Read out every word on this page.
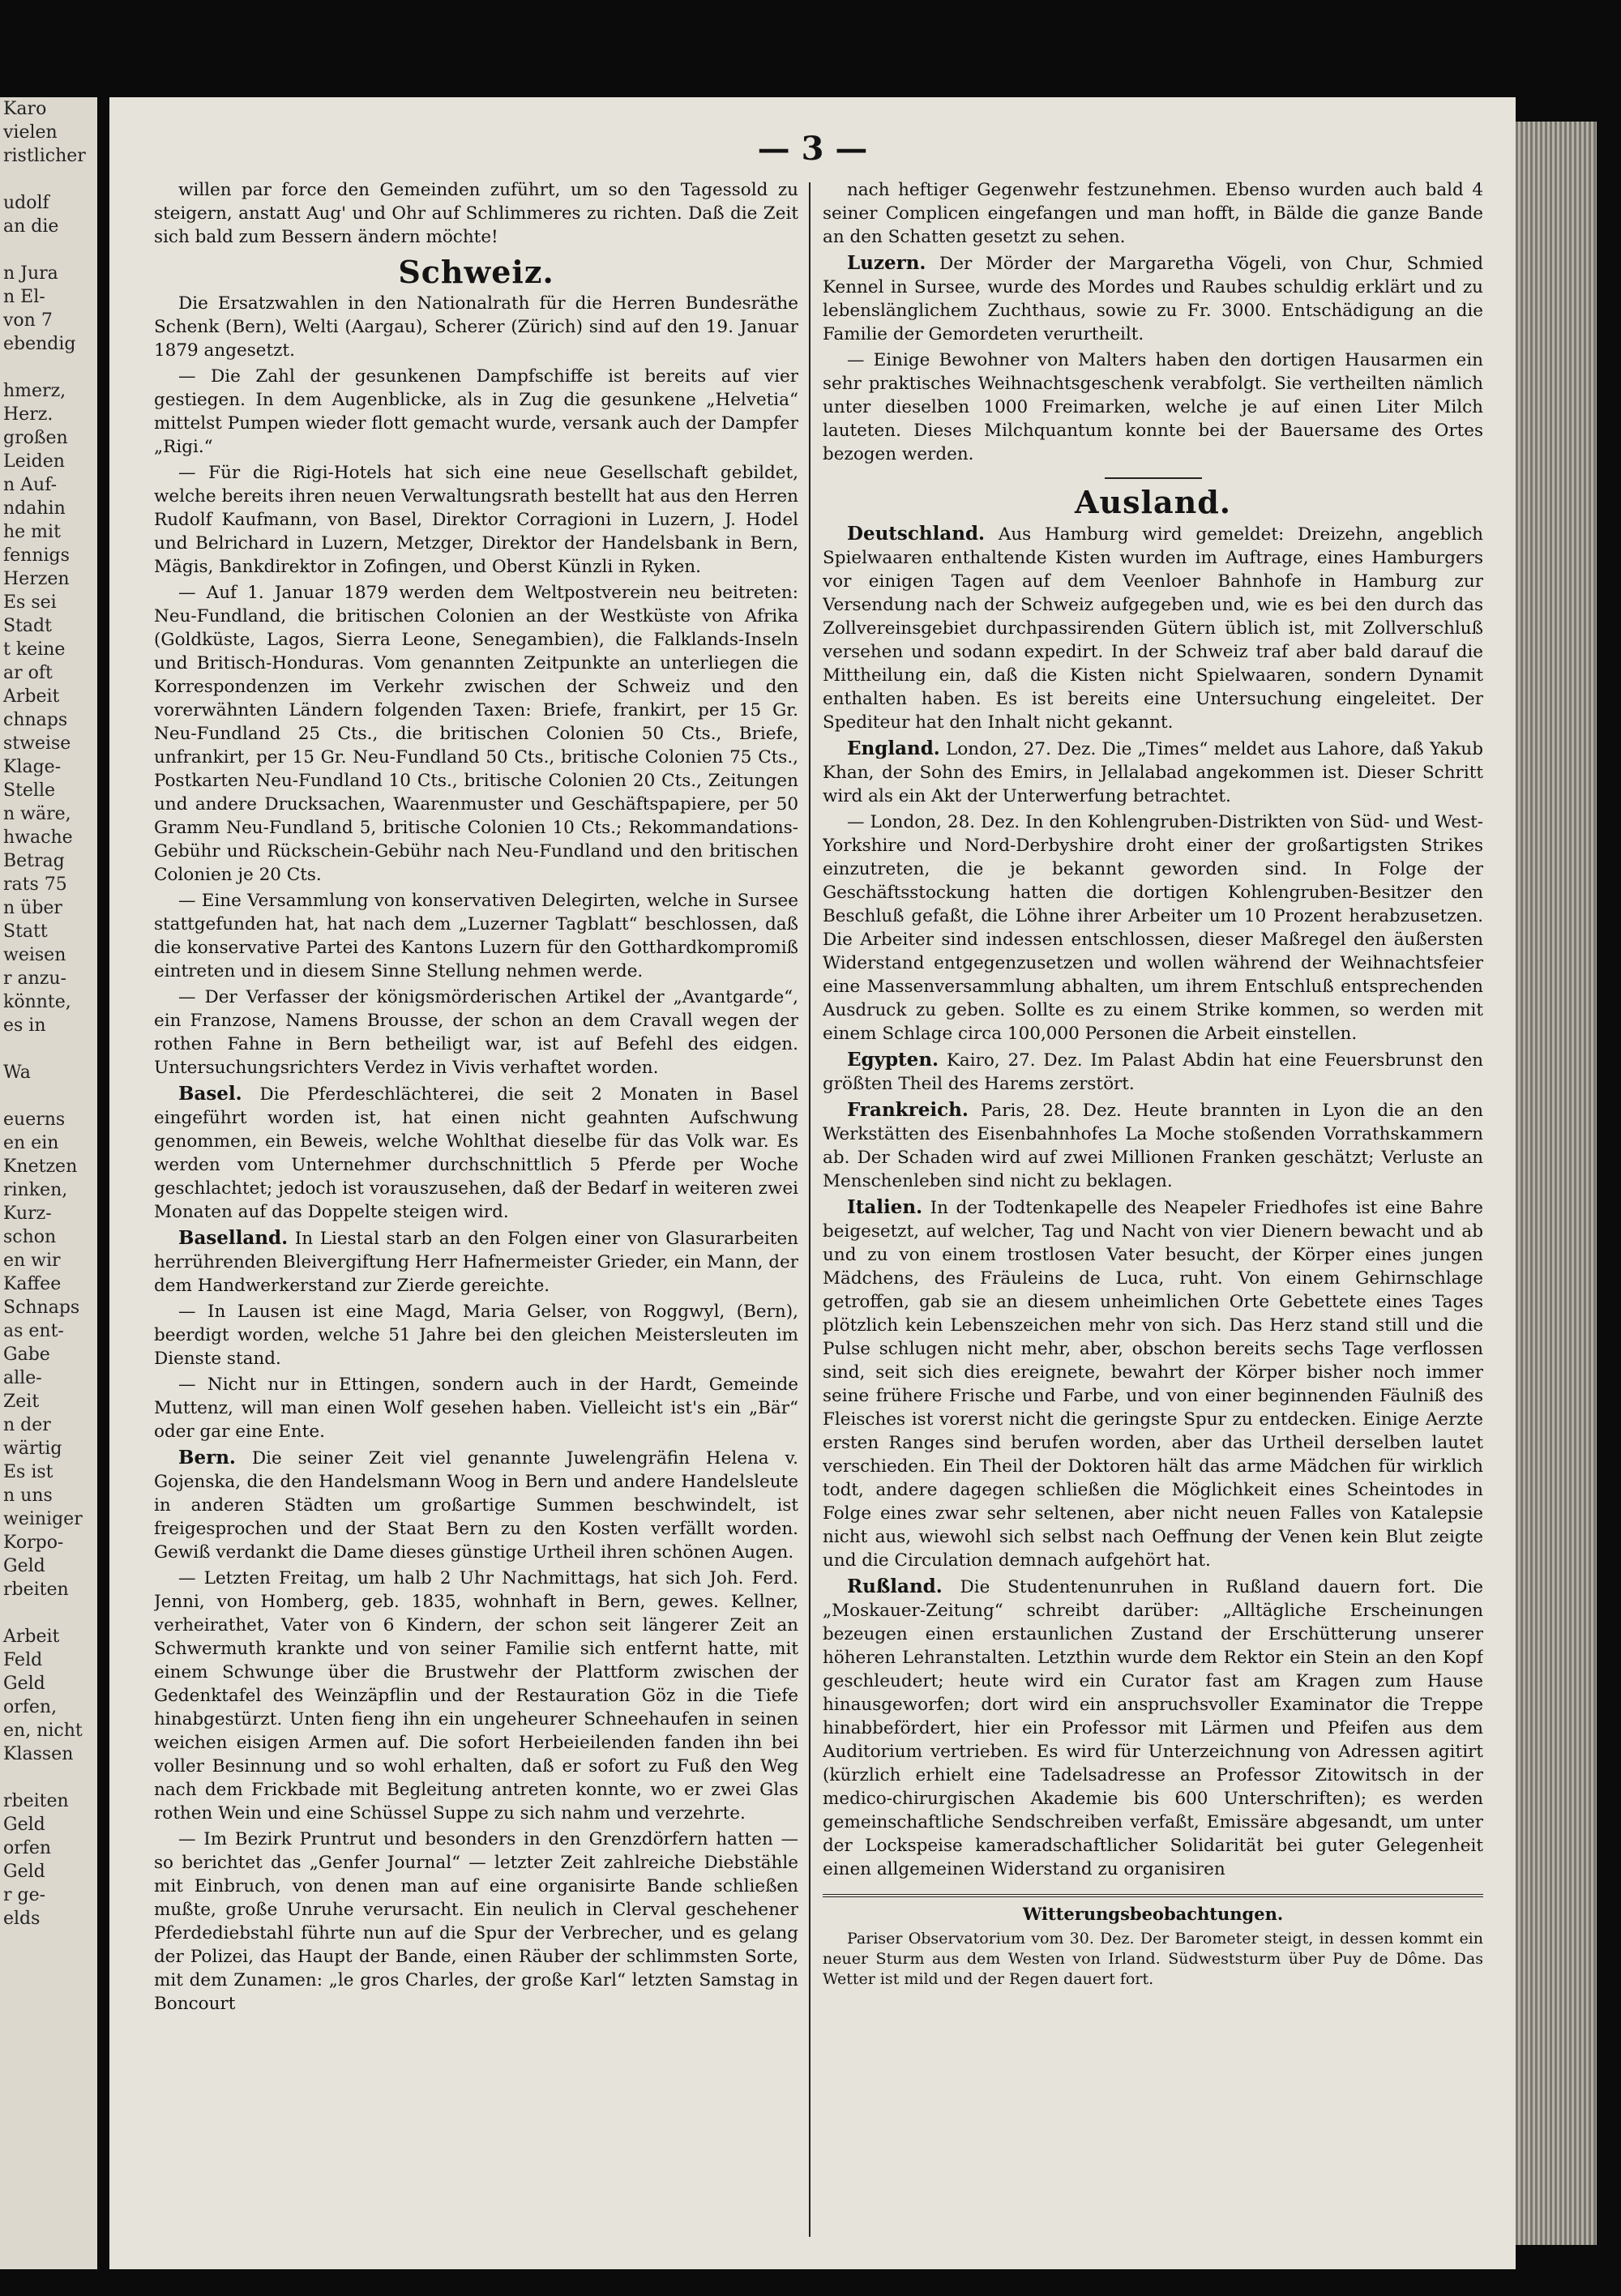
Karo
vielen
ristlicher

udolf
an die

n Jura
n El-
von 7
ebendig

hmerz,
Herz.
großen
Leiden
n Auf-
ndahin
he mit
fennigs
Herzen
Es sei
Stadt
t keine
ar oft
Arbeit
chnaps
stweise
Klage-
Stelle
n wäre,
hwache
Betrag
rats 75
n über
Statt
weisen
r anzu-
könnte,
es in

Wa

euerns
en ein
Knetzen
rinken,
Kurz-
schon
en wir
Kaffee
Schnaps
as ent-
Gabe
alle-
Zeit
n der
wärtig
Es ist
n uns
weiniger
Korpo-
Geld
rbeiten

Arbeit
Feld
Geld
orfen,
en, nicht
Klassen

rbeiten
Geld
orfen
Geld
r ge-
elds
— 3 —

willen par force den Gemeinden zuführt, um so den Tagessold zu steigern, anstatt Aug' und Ohr auf Schlimmeres zu richten. Daß die Zeit sich bald zum Bessern ändern möchte!

Schweiz.

Die Ersatzwahlen in den Nationalrath für die Herren Bundesräthe Schenk (Bern), Welti (Aargau), Scherer (Zürich) sind auf den 19. Januar 1879 angesetzt.

— Die Zahl der gesunkenen Dampfschiffe ist bereits auf vier gestiegen. In dem Augenblicke, als in Zug die gesunkene „Helvetia“ mittelst Pumpen wieder flott gemacht wurde, versank auch der Dampfer „Rigi.“

— Für die Rigi-Hotels hat sich eine neue Gesellschaft gebildet, welche bereits ihren neuen Verwaltungsrath bestellt hat aus den Herren Rudolf Kaufmann, von Basel, Direktor Corragioni in Luzern, J. Hodel und Belrichard in Luzern, Metzger, Direktor der Handelsbank in Bern, Mägis, Bankdirektor in Zofingen, und Oberst Künzli in Ryken.

— Auf 1. Januar 1879 werden dem Weltpostverein neu beitreten: Neu-Fundland, die britischen Colonien an der Westküste von Afrika (Goldküste, Lagos, Sierra Leone, Senegambien), die Falklands-Inseln und Britisch-Honduras. Vom genannten Zeitpunkte an unterliegen die Korrespondenzen im Verkehr zwischen der Schweiz und den vorerwähnten Ländern folgenden Taxen: Briefe, frankirt, per 15 Gr. Neu-Fundland 25 Cts., die britischen Colonien 50 Cts., Briefe, unfrankirt, per 15 Gr. Neu-Fundland 50 Cts., britische Colonien 75 Cts., Postkarten Neu-Fundland 10 Cts., britische Colonien 20 Cts., Zeitungen und andere Drucksachen, Waarenmuster und Geschäftspapiere, per 50 Gramm Neu-Fundland 5, britische Colonien 10 Cts.; Rekommandations-Gebühr und Rückschein-Gebühr nach Neu-Fundland und den britischen Colonien je 20 Cts.

— Eine Versammlung von konservativen Delegirten, welche in Sursee stattgefunden hat, hat nach dem „Luzerner Tagblatt“ beschlossen, daß die konservative Partei des Kantons Luzern für den Gotthardkompromiß eintreten und in diesem Sinne Stellung nehmen werde.

— Der Verfasser der königsmörderischen Artikel der „Avantgarde“, ein Franzose, Namens Brousse, der schon an dem Cravall wegen der rothen Fahne in Bern betheiligt war, ist auf Befehl des eidgen. Untersuchungsrichters Verdez in Vivis verhaftet worden.

Basel. Die Pferdeschlächterei, die seit 2 Monaten in Basel eingeführt worden ist, hat einen nicht geahnten Aufschwung genommen, ein Beweis, welche Wohlthat dieselbe für das Volk war. Es werden vom Unternehmer durchschnittlich 5 Pferde per Woche geschlachtet; jedoch ist vorauszusehen, daß der Bedarf in weiteren zwei Monaten auf das Doppelte steigen wird.

Baselland. In Liestal starb an den Folgen einer von Glasurarbeiten herrührenden Bleivergiftung Herr Hafnermeister Grieder, ein Mann, der dem Handwerkerstand zur Zierde gereichte.

— In Lausen ist eine Magd, Maria Gelser, von Roggwyl, (Bern), beerdigt worden, welche 51 Jahre bei den gleichen Meistersleuten im Dienste stand.

— Nicht nur in Ettingen, sondern auch in der Hardt, Gemeinde Muttenz, will man einen Wolf gesehen haben. Vielleicht ist's ein „Bär“ oder gar eine Ente.

Bern. Die seiner Zeit viel genannte Juwelengräfin Helena v. Gojenska, die den Handelsmann Woog in Bern und andere Handelsleute in anderen Städten um großartige Summen beschwindelt, ist freigesprochen und der Staat Bern zu den Kosten verfällt worden. Gewiß verdankt die Dame dieses günstige Urtheil ihren schönen Augen.

— Letzten Freitag, um halb 2 Uhr Nachmittags, hat sich Joh. Ferd. Jenni, von Homberg, geb. 1835, wohnhaft in Bern, gewes. Kellner, verheirathet, Vater von 6 Kindern, der schon seit längerer Zeit an Schwermuth krankte und von seiner Familie sich entfernt hatte, mit einem Schwunge über die Brustwehr der Plattform zwischen der Gedenktafel des Weinzäpflin und der Restauration Göz in die Tiefe hinabgestürzt. Unten fieng ihn ein ungeheurer Schneehaufen in seinen weichen eisigen Armen auf. Die sofort Herbeieilenden fanden ihn bei voller Besinnung und so wohl erhalten, daß er sofort zu Fuß den Weg nach dem Frickbade mit Begleitung antreten konnte, wo er zwei Glas rothen Wein und eine Schüssel Suppe zu sich nahm und verzehrte.

— Im Bezirk Pruntrut und besonders in den Grenzdörfern hatten — so berichtet das „Genfer Journal“ — letzter Zeit zahlreiche Diebstähle mit Einbruch, von denen man auf eine organisirte Bande schließen mußte, große Unruhe verursacht. Ein neulich in Clerval geschehener Pferdediebstahl führte nun auf die Spur der Verbrecher, und es gelang der Polizei, das Haupt der Bande, einen Räuber der schlimmsten Sorte, mit dem Zunamen: „le gros Charles, der große Karl“ letzten Samstag in Boncourt

nach heftiger Gegenwehr festzunehmen. Ebenso wurden auch bald 4 seiner Complicen eingefangen und man hofft, in Bälde die ganze Bande an den Schatten gesetzt zu sehen.

Luzern. Der Mörder der Margaretha Vögeli, von Chur, Schmied Kennel in Sursee, wurde des Mordes und Raubes schuldig erklärt und zu lebenslänglichem Zuchthaus, sowie zu Fr. 3000. Entschädigung an die Familie der Gemordeten verurtheilt.

— Einige Bewohner von Malters haben den dortigen Hausarmen ein sehr praktisches Weihnachtsgeschenk verabfolgt. Sie vertheilten nämlich unter dieselben 1000 Freimarken, welche je auf einen Liter Milch lauteten. Dieses Milchquantum konnte bei der Bauersame des Ortes bezogen werden.

Ausland.

Deutschland. Aus Hamburg wird gemeldet: Dreizehn, angeblich Spielwaaren enthaltende Kisten wurden im Auftrage, eines Hamburgers vor einigen Tagen auf dem Veenloer Bahnhofe in Hamburg zur Versendung nach der Schweiz aufgegeben und, wie es bei den durch das Zollvereinsgebiet durchpassirenden Gütern üblich ist, mit Zollverschluß versehen und sodann expedirt. In der Schweiz traf aber bald darauf die Mittheilung ein, daß die Kisten nicht Spielwaaren, sondern Dynamit enthalten haben. Es ist bereits eine Untersuchung eingeleitet. Der Spediteur hat den Inhalt nicht gekannt.

England. London, 27. Dez. Die „Times“ meldet aus Lahore, daß Yakub Khan, der Sohn des Emirs, in Jellalabad angekommen ist. Dieser Schritt wird als ein Akt der Unterwerfung betrachtet.

— London, 28. Dez. In den Kohlengruben-Distrikten von Süd- und West-Yorkshire und Nord-Derbyshire droht einer der großartigsten Strikes einzutreten, die je bekannt geworden sind. In Folge der Geschäftsstockung hatten die dortigen Kohlengruben-Besitzer den Beschluß gefaßt, die Löhne ihrer Arbeiter um 10 Prozent herabzusetzen. Die Arbeiter sind indessen entschlossen, dieser Maßregel den äußersten Widerstand entgegenzusetzen und wollen während der Weihnachtsfeier eine Massenversammlung abhalten, um ihrem Entschluß entsprechenden Ausdruck zu geben. Sollte es zu einem Strike kommen, so werden mit einem Schlage circa 100,000 Personen die Arbeit einstellen.

Egypten. Kairo, 27. Dez. Im Palast Abdin hat eine Feuersbrunst den größten Theil des Harems zerstört.

Frankreich. Paris, 28. Dez. Heute brannten in Lyon die an den Werkstätten des Eisenbahnhofes La Moche stoßenden Vorrathskammern ab. Der Schaden wird auf zwei Millionen Franken geschätzt; Verluste an Menschenleben sind nicht zu beklagen.

Italien. In der Todtenkapelle des Neapeler Friedhofes ist eine Bahre beigesetzt, auf welcher, Tag und Nacht von vier Dienern bewacht und ab und zu von einem trostlosen Vater besucht, der Körper eines jungen Mädchens, des Fräuleins de Luca, ruht. Von einem Gehirnschlage getroffen, gab sie an diesem unheimlichen Orte Gebettete eines Tages plötzlich kein Lebenszeichen mehr von sich. Das Herz stand still und die Pulse schlugen nicht mehr, aber, obschon bereits sechs Tage verflossen sind, seit sich dies ereignete, bewahrt der Körper bisher noch immer seine frühere Frische und Farbe, und von einer beginnenden Fäulniß des Fleisches ist vorerst nicht die geringste Spur zu entdecken. Einige Aerzte ersten Ranges sind berufen worden, aber das Urtheil derselben lautet verschieden. Ein Theil der Doktoren hält das arme Mädchen für wirklich todt, andere dagegen schließen die Möglichkeit eines Scheintodes in Folge eines zwar sehr seltenen, aber nicht neuen Falles von Katalepsie nicht aus, wiewohl sich selbst nach Oeffnung der Venen kein Blut zeigte und die Circulation demnach aufgehört hat.

Rußland. Die Studentenunruhen in Rußland dauern fort. Die „Moskauer-Zeitung“ schreibt darüber: „Alltägliche Erscheinungen bezeugen einen erstaunlichen Zustand der Erschütterung unserer höheren Lehranstalten. Letzthin wurde dem Rektor ein Stein an den Kopf geschleudert; heute wird ein Curator fast am Kragen zum Hause hinausgeworfen; dort wird ein anspruchsvoller Examinator die Treppe hinabbefördert, hier ein Professor mit Lärmen und Pfeifen aus dem Auditorium vertrieben. Es wird für Unterzeichnung von Adressen agitirt (kürzlich erhielt eine Tadelsadresse an Professor Zitowitsch in der medico-chirurgischen Akademie bis 600 Unterschriften); es werden gemeinschaftliche Sendschreiben verfaßt, Emissäre abgesandt, um unter der Lockspeise kameradschaftlicher Solidarität bei guter Gelegenheit einen allgemeinen Widerstand zu organisiren

Witterungsbeobachtungen.

Pariser Observatorium vom 30. Dez. Der Barometer steigt, in dessen kommt ein neuer Sturm aus dem Westen von Irland. Südweststurm über Puy de Dôme. Das Wetter ist mild und der Regen dauert fort.
